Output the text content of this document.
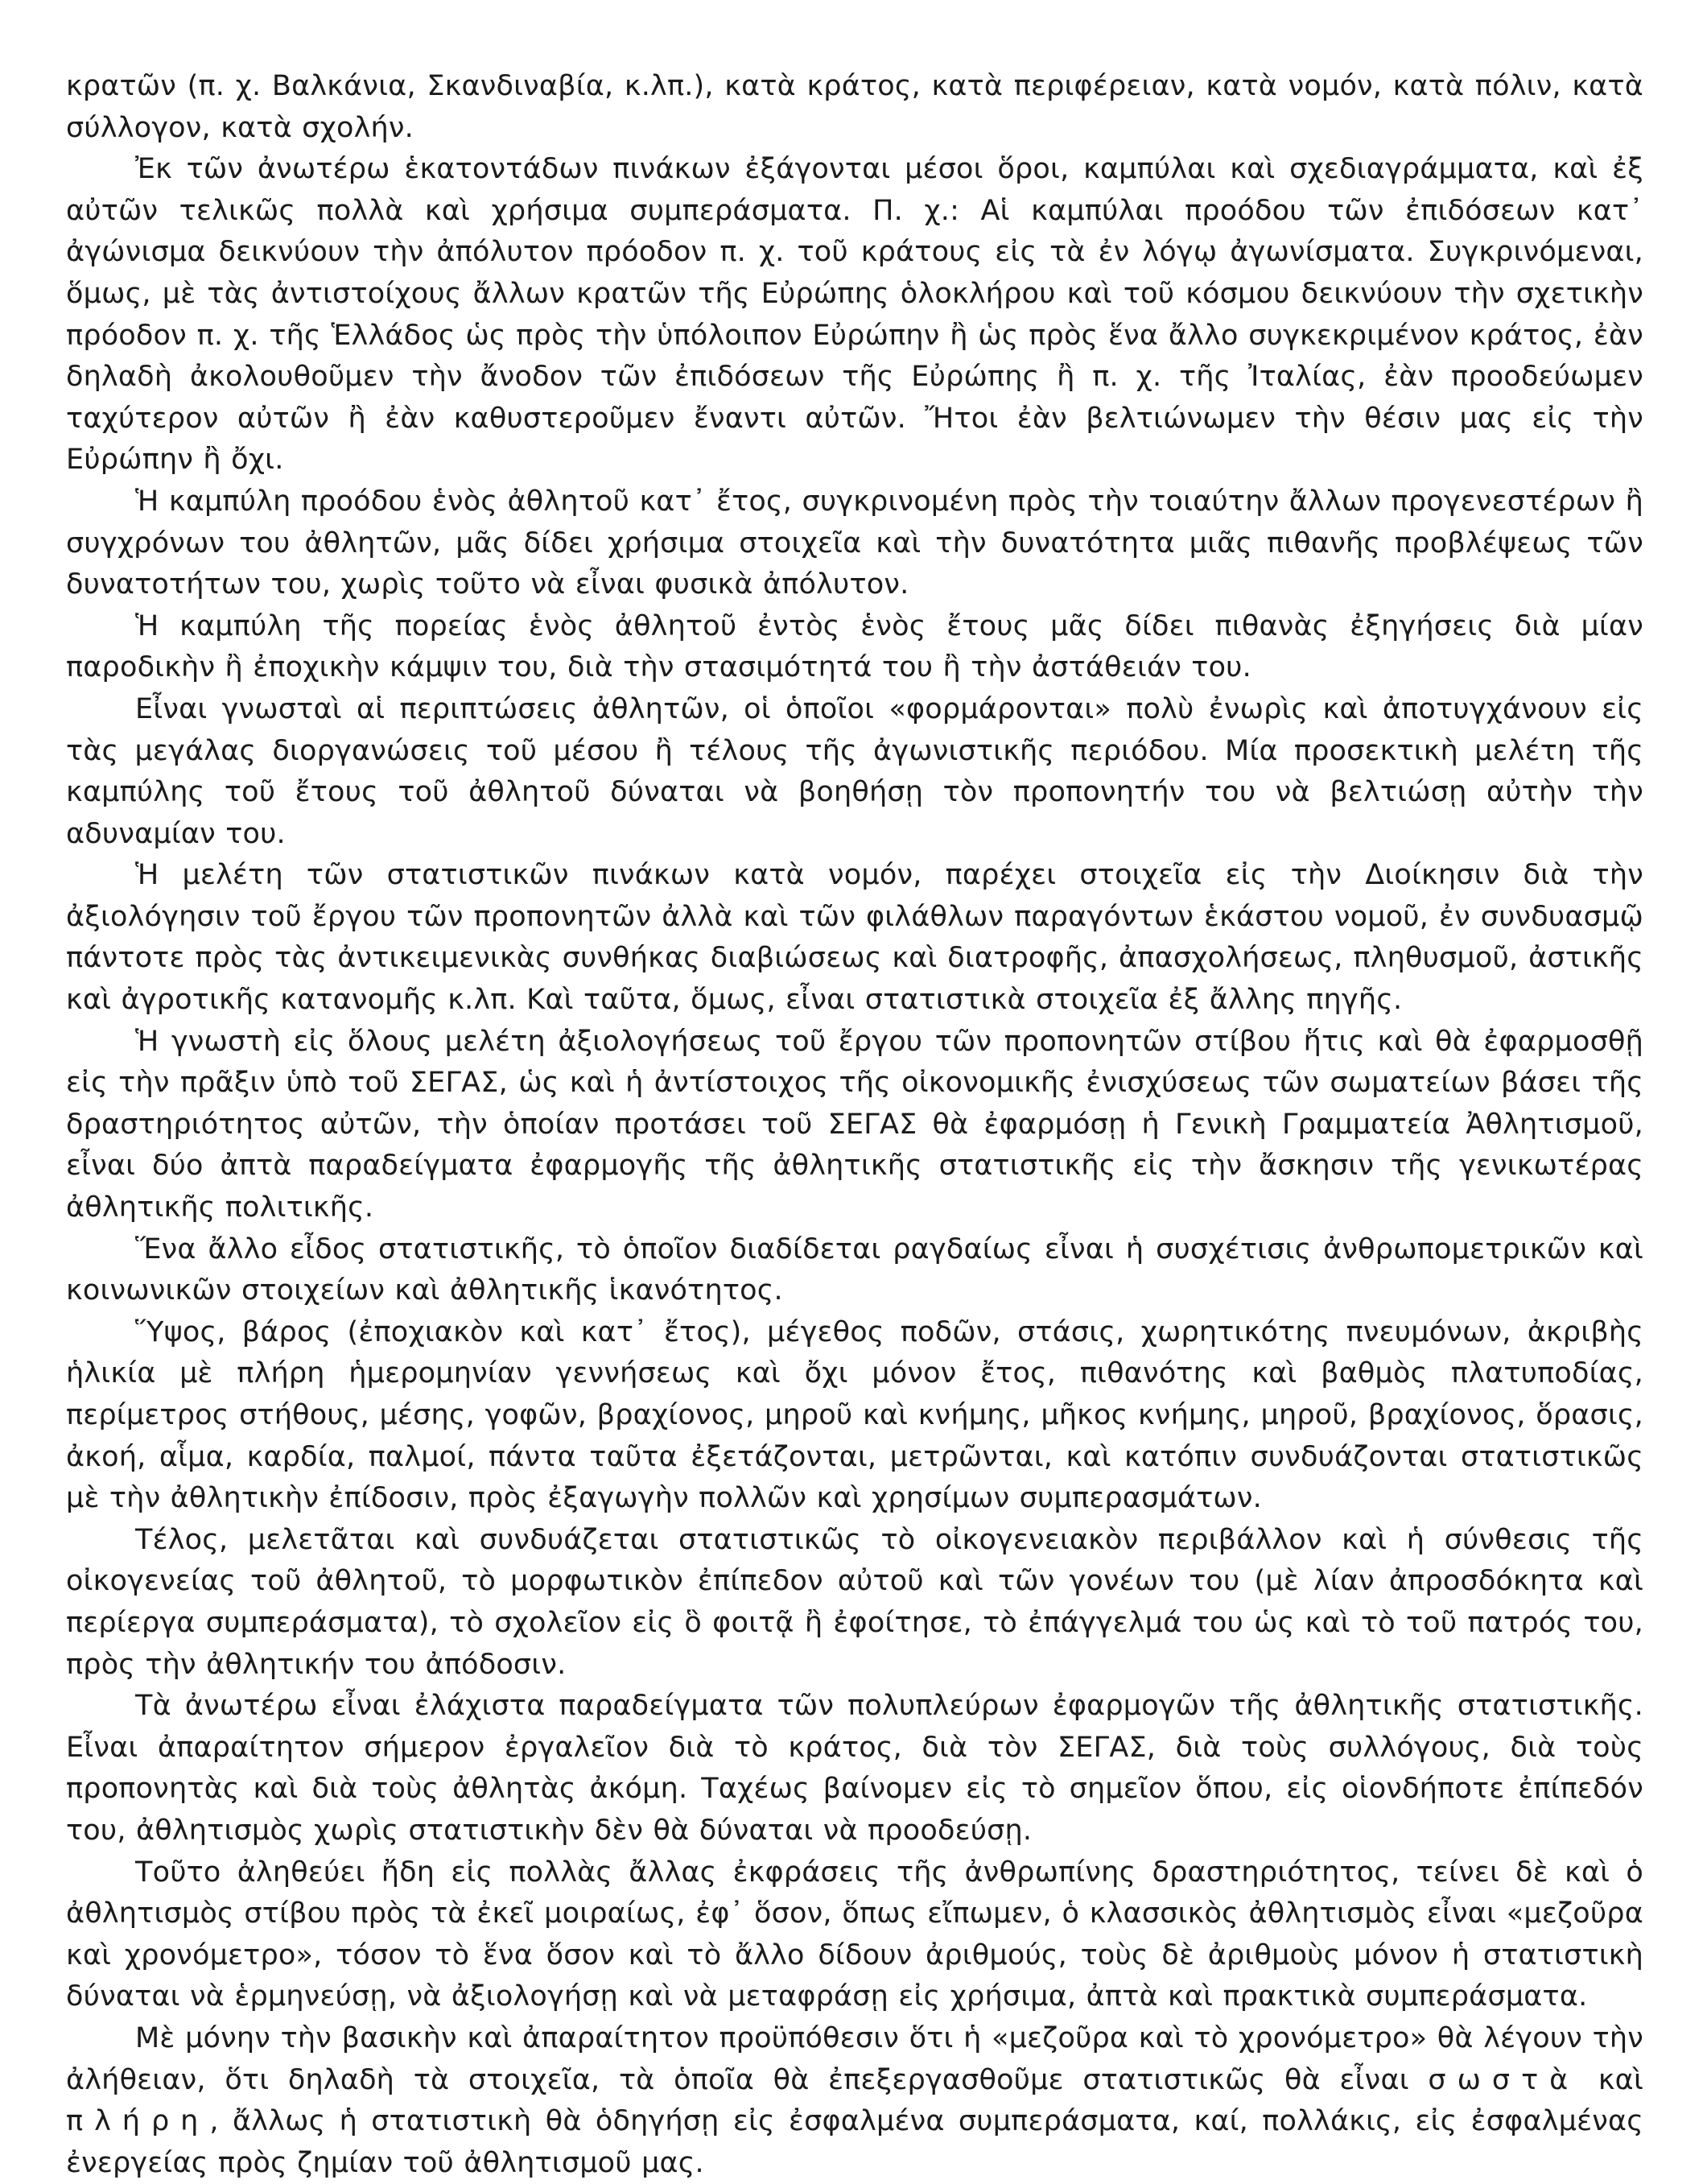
κρατῶν (π. χ. Βαλκάνια, Σκανδιναβία, κ.λπ.), κατὰ κράτος, κατὰ περιφέρειαν, κατὰ νομόν, κατὰ πόλιν, κατὰ σύλλογον, κατὰ σχολήν.

Ἐκ τῶν ἀνωτέρω ἑκατοντάδων πινάκων ἐξάγονται μέσοι ὅροι, καμπύλαι καὶ σχεδιαγράμματα, καὶ ἐξ αὐτῶν τελικῶς πολλὰ καὶ χρήσιμα συμπεράσματα. Π. χ.: Αἱ καμπύλαι προόδου τῶν ἐπιδόσεων κατ᾽ ἀγώνισμα δεικνύουν τὴν ἀπόλυτον πρόοδον π. χ. τοῦ κράτους εἰς τὰ ἐν λόγῳ ἀγωνίσματα. Συγκρινόμεναι, ὅμως, μὲ τὰς ἀντιστοίχους ἄλλων κρατῶν τῆς Εὐρώπης ὁλοκλήρου καὶ τοῦ κόσμου δεικνύουν τὴν σχετικὴν πρόοδον π. χ. τῆς Ἑλλάδος ὡς πρὸς τὴν ὑπόλοιπον Εὐρώπην ἢ ὡς πρὸς ἕνα ἄλλο συγκεκριμένον κράτος, ἐὰν δηλαδὴ ἀκολουθοῦμεν τὴν ἄνοδον τῶν ἐπιδόσεων τῆς Εὐρώπης ἢ π. χ. τῆς Ἰταλίας, ἐὰν προοδεύωμεν ταχύτερον αὐτῶν ἢ ἐὰν καθυστεροῦμεν ἔναντι αὐτῶν. Ἤτοι ἐὰν βελτιώνωμεν τὴν θέσιν μας εἰς τὴν Εὐρώπην ἢ ὄχι.

Ἡ καμπύλη προόδου ἑνὸς ἀθλητοῦ κατ᾽ ἔτος, συγκρινομένη πρὸς τὴν τοιαύτην ἄλλων προγενεστέρων ἢ συγχρόνων του ἀθλητῶν, μᾶς δίδει χρήσιμα στοιχεῖα καὶ τὴν δυνατότητα μιᾶς πιθανῆς προβλέψεως τῶν δυνατοτήτων του, χωρὶς τοῦτο νὰ εἶναι φυσικὰ ἀπόλυτον.

Ἡ καμπύλη τῆς πορείας ἑνὸς ἀθλητοῦ ἐντὸς ἑνὸς ἔτους μᾶς δίδει πιθανὰς ἐξηγήσεις διὰ μίαν παροδικὴν ἢ ἐποχικὴν κάμψιν του, διὰ τὴν στασιμότητά του ἢ τὴν ἀστάθειάν του.

Εἶναι γνωσταὶ αἱ περιπτώσεις ἀθλητῶν, οἱ ὁποῖοι «φορμάρονται» πολὺ ἐνωρὶς καὶ ἀποτυγχάνουν εἰς τὰς μεγάλας διοργανώσεις τοῦ μέσου ἢ τέλους τῆς ἀγωνιστικῆς περιόδου. Μία προσεκτικὴ μελέτη τῆς καμπύλης τοῦ ἔτους τοῦ ἀθλητοῦ δύναται νὰ βοηθήσῃ τὸν προπονητήν του νὰ βελτιώσῃ αὐτὴν τὴν αδυναμίαν του.

Ἡ μελέτη τῶν στατιστικῶν πινάκων κατὰ νομόν, παρέχει στοιχεῖα εἰς τὴν Διοίκησιν διὰ τὴν ἀξιολόγησιν τοῦ ἔργου τῶν προπονητῶν ἀλλὰ καὶ τῶν φιλάθλων παραγόντων ἑκάστου νομοῦ, ἐν συνδυασμῷ πάντοτε πρὸς τὰς ἀντικειμενικὰς συνθήκας διαβιώσεως καὶ διατροφῆς, ἀπασχολήσεως, πληθυσμοῦ, ἀστικῆς καὶ ἀγροτικῆς κατανομῆς κ.λπ. Καὶ ταῦτα, ὅμως, εἶναι στατιστικὰ στοιχεῖα ἐξ ἄλλης πηγῆς.

Ἡ γνωστὴ εἰς ὅλους μελέτη ἀξιολογήσεως τοῦ ἔργου τῶν προπονητῶν στίβου ἥτις καὶ θὰ ἐφαρμοσθῇ εἰς τὴν πρᾶξιν ὑπὸ τοῦ ΣΕΓΑΣ, ὡς καὶ ἡ ἀντίστοιχος τῆς οἰκονομικῆς ἐνισχύσεως τῶν σωματείων βάσει τῆς δραστηριότητος αὐτῶν, τὴν ὁποίαν προτάσει τοῦ ΣΕΓΑΣ θὰ ἐφαρμόσῃ ἡ Γενικὴ Γραμματεία Ἀθλητισμοῦ, εἶναι δύο ἀπτὰ παραδείγματα ἐφαρμογῆς τῆς ἀθλητικῆς στατιστικῆς εἰς τὴν ἄσκησιν τῆς γενικωτέρας ἀθλητικῆς πολιτικῆς.

Ἕνα ἄλλο εἶδος στατιστικῆς, τὸ ὁποῖον διαδίδεται ραγδαίως εἶναι ἡ συσχέτισις ἀνθρωπομετρικῶν καὶ κοινωνικῶν στοιχείων καὶ ἀθλητικῆς ἱκανότητος.

Ὕψος, βάρος (ἐποχιακὸν καὶ κατ᾽ ἔτος), μέγεθος ποδῶν, στάσις, χωρητικότης πνευμόνων, ἀκριβὴς ἡλικία μὲ πλήρη ἡμερομηνίαν γεννήσεως καὶ ὄχι μόνον ἔτος, πιθανότης καὶ βαθμὸς πλατυποδίας, περίμετρος στήθους, μέσης, γοφῶν, βραχίονος, μηροῦ καὶ κνήμης, μῆκος κνήμης, μηροῦ, βραχίονος, ὅρασις, ἀκοή, αἷμα, καρδία, παλμοί, πάντα ταῦτα ἐξετάζονται, μετρῶνται, καὶ κατόπιν συνδυάζονται στατιστικῶς μὲ τὴν ἀθλητικὴν ἐπίδοσιν, πρὸς ἐξαγωγὴν πολλῶν καὶ χρησίμων συμπερασμάτων.

Τέλος, μελετᾶται καὶ συνδυάζεται στατιστικῶς τὸ οἰκογενειακὸν περιβάλλον καὶ ἡ σύνθεσις τῆς οἰκογενείας τοῦ ἀθλητοῦ, τὸ μορφωτικὸν ἐπίπεδον αὐτοῦ καὶ τῶν γονέων του (μὲ λίαν ἀπροσδόκητα καὶ περίεργα συμπεράσματα), τὸ σχολεῖον εἰς ὃ φοιτᾷ ἢ ἐφοίτησε, τὸ ἐπάγγελμά του ὡς καὶ τὸ τοῦ πατρός του, πρὸς τὴν ἀθλητικήν του ἀπόδοσιν.

Τὰ ἀνωτέρω εἶναι ἐλάχιστα παραδείγματα τῶν πολυπλεύρων ἐφαρμογῶν τῆς ἀθλητικῆς στατιστικῆς. Εἶναι ἀπαραίτητον σήμερον ἐργαλεῖον διὰ τὸ κράτος, διὰ τὸν ΣΕΓΑΣ, διὰ τοὺς συλλόγους, διὰ τοὺς προπονητὰς καὶ διὰ τοὺς ἀθλητὰς ἀκόμη. Ταχέως βαίνομεν εἰς τὸ σημεῖον ὅπου, εἰς οἱονδήποτε ἐπίπεδόν του, ἀθλητισμὸς χωρὶς στατιστικὴν δὲν θὰ δύναται νὰ προοδεύσῃ.

Τοῦτο ἀληθεύει ἤδη εἰς πολλὰς ἄλλας ἐκφράσεις τῆς ἀνθρωπίνης δραστηριότητος, τείνει δὲ καὶ ὁ ἀθλητισμὸς στίβου πρὸς τὰ ἐκεῖ μοιραίως, ἐφ᾽ ὅσον, ὅπως εἴπωμεν, ὁ κλασσικὸς ἀθλητισμὸς εἶναι «μεζοῦρα καὶ χρονόμετρο», τόσον τὸ ἕνα ὅσον καὶ τὸ ἄλλο δίδουν ἀριθμούς, τοὺς δὲ ἀριθμοὺς μόνον ἡ στατιστικὴ δύναται νὰ ἑρμηνεύσῃ, νὰ ἀξιολογήσῃ καὶ νὰ μεταφράσῃ εἰς χρήσιμα, ἀπτὰ καὶ πρακτικὰ συμπεράσματα.

Μὲ μόνην τὴν βασικὴν καὶ ἀπαραίτητον προϋπόθεσιν ὅτι ἡ «μεζοῦρα καὶ τὸ χρονόμετρο» θὰ λέγουν τὴν ἀλήθειαν, ὅτι δηλαδὴ τὰ στοιχεῖα, τὰ ὁποῖα θὰ ἐπεξεργασθοῦμε στατιστικῶς θὰ εἶναι σωστὰ καὶ πλήρη, ἄλλως ἡ στατιστικὴ θὰ ὁδηγήσῃ εἰς ἐσφαλμένα συμπεράσματα, καί, πολλάκις, εἰς ἐσφαλμένας ἐνεργείας πρὸς ζημίαν τοῦ ἀθλητισμοῦ μας.
